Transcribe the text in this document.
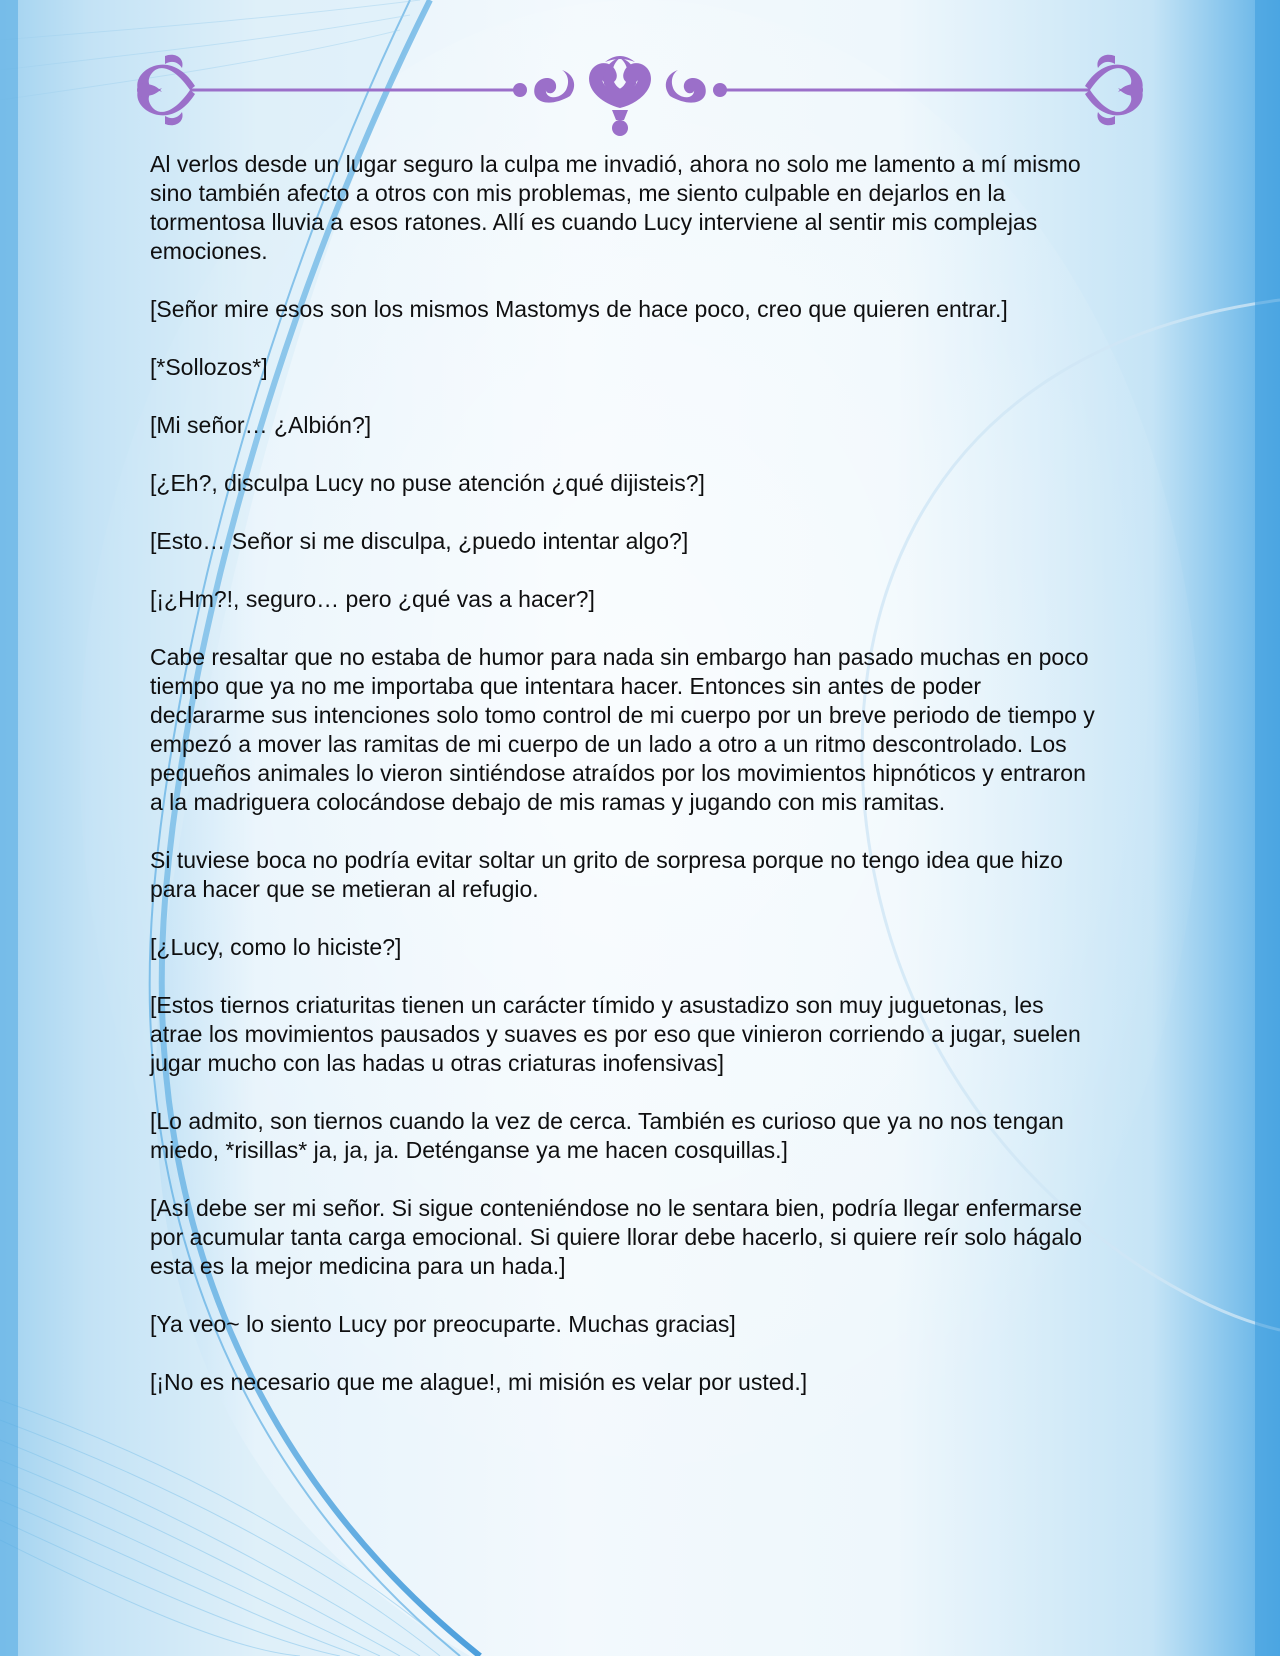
Al verlos desde un lugar seguro la culpa me invadió, ahora no solo me lamento a mí mismo sino también afecto a otros con mis problemas, me siento culpable en dejarlos en la tormentosa lluvia a esos ratones. Allí es cuando Lucy interviene al sentir mis complejas emociones.

[Señor mire esos son los mismos Mastomys de hace poco, creo que quieren entrar.]

[*Sollozos*]

[Mi señor… ¿Albión?]

[¿Eh?, disculpa Lucy no puse atención ¿qué dijisteis?]

[Esto… Señor si me disculpa, ¿puedo intentar algo?]

[¡¿Hm?!, seguro… pero ¿qué vas a hacer?]

Cabe resaltar que no estaba de humor para nada sin embargo han pasado muchas en poco tiempo que ya no me importaba que intentara hacer. Entonces sin antes de poder declararme sus intenciones solo tomo control de mi cuerpo por un breve periodo de tiempo y empezó a mover las ramitas de mi cuerpo de un lado a otro a un ritmo descontrolado. Los pequeños animales lo vieron sintiéndose atraídos por los movimientos hipnóticos y entraron a la madriguera colocándose debajo de mis ramas y jugando con mis ramitas.

Si tuviese boca no podría evitar soltar un grito de sorpresa porque no tengo idea que hizo para hacer que se metieran al refugio.

[¿Lucy, como lo hiciste?]

[Estos tiernos criaturitas tienen un carácter tímido y asustadizo son muy juguetonas, les atrae los movimientos pausados y suaves es por eso que vinieron corriendo a jugar, suelen jugar mucho con las hadas u otras criaturas inofensivas]

[Lo admito, son tiernos cuando la vez de cerca. También es curioso que ya no nos tengan miedo, *risillas* ja, ja, ja. Deténganse ya me hacen cosquillas.]

[Así debe ser mi señor. Si sigue conteniéndose no le sentara bien, podría llegar enfermarse por acumular tanta carga emocional. Si quiere llorar debe hacerlo, si quiere reír solo hágalo esta es la mejor medicina para un hada.]

[Ya veo~ lo siento Lucy por preocuparte. Muchas gracias]

[¡No es necesario que me alague!, mi misión es velar por usted.]
